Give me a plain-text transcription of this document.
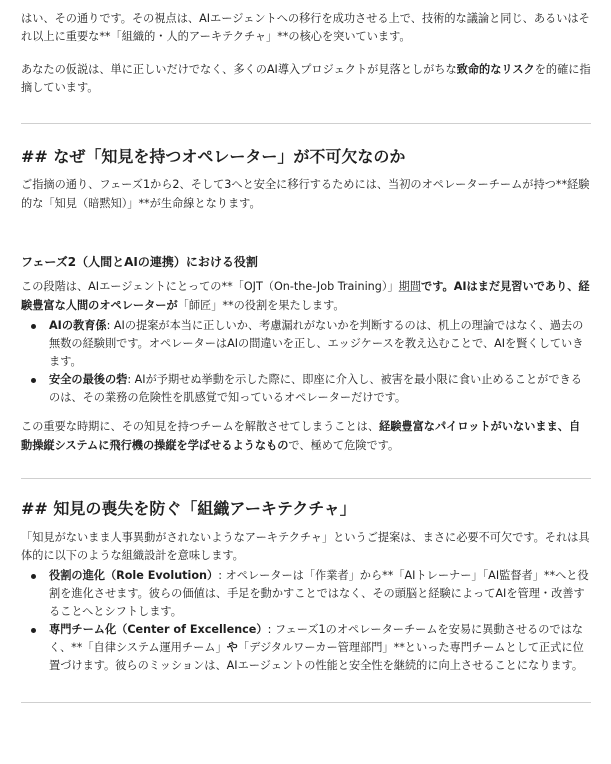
はい、その通りです。その視点は、AIエージェントへの移行を成功させる上で、技術的な議論と同じ、あるいはそれ以上に重要な**「組織的・人的アーキテクチャ」**の核心を突いています。

あなたの仮説は、単に正しいだけでなく、多くのAI導入プロジェクトが見落としがちな致命的なリスクを的確に指摘しています。

## なぜ「知見を持つオペレーター」が不可欠なのか

ご指摘の通り、フェーズ1から2、そして3へと安全に移行するためには、当初のオペレーターチームが持つ**経験的な「知見（暗黙知）」**が生命線となります。

フェーズ2（人間とAIの連携）における役割

この段階は、AIエージェントにとっての**「OJT（On-the-Job Training）」期間です。AIはまだ見習いであり、経験豊富な人間のオペレーターが「師匠」**の役割を果たします。

AIの教育係: AIの提案が本当に正しいか、考慮漏れがないかを判断するのは、机上の理論ではなく、過去の無数の経験則です。オペレーターはAIの間違いを正し、エッジケースを教え込むことで、AIを賢くしていきます。
安全の最後の砦: AIが予期せぬ挙動を示した際に、即座に介入し、被害を最小限に食い止めることができるのは、その業務の危険性を肌感覚で知っているオペレーターだけです。

この重要な時期に、その知見を持つチームを解散させてしまうことは、経験豊富なパイロットがいないまま、自動操縦システムに飛行機の操縦を学ばせるようなもので、極めて危険です。

## 知見の喪失を防ぐ「組織アーキテクチャ」

「知見がないまま人事異動がされないようなアーキテクチャ」というご提案は、まさに必要不可欠です。それは具体的に以下のような組織設計を意味します。

役割の進化（Role Evolution）: オペレーターは「作業者」から**「AIトレーナー」「AI監督者」**へと役割を進化させます。彼らの価値は、手足を動かすことではなく、その頭脳と経験によってAIを管理・改善することへとシフトします。
専門チーム化（Center of Excellence）: フェーズ1のオペレーターチームを安易に異動させるのではなく、**「自律システム運用チーム」や「デジタルワーカー管理部門」**といった専門チームとして正式に位置づけます。彼らのミッションは、AIエージェントの性能と安全性を継続的に向上させることになります。
